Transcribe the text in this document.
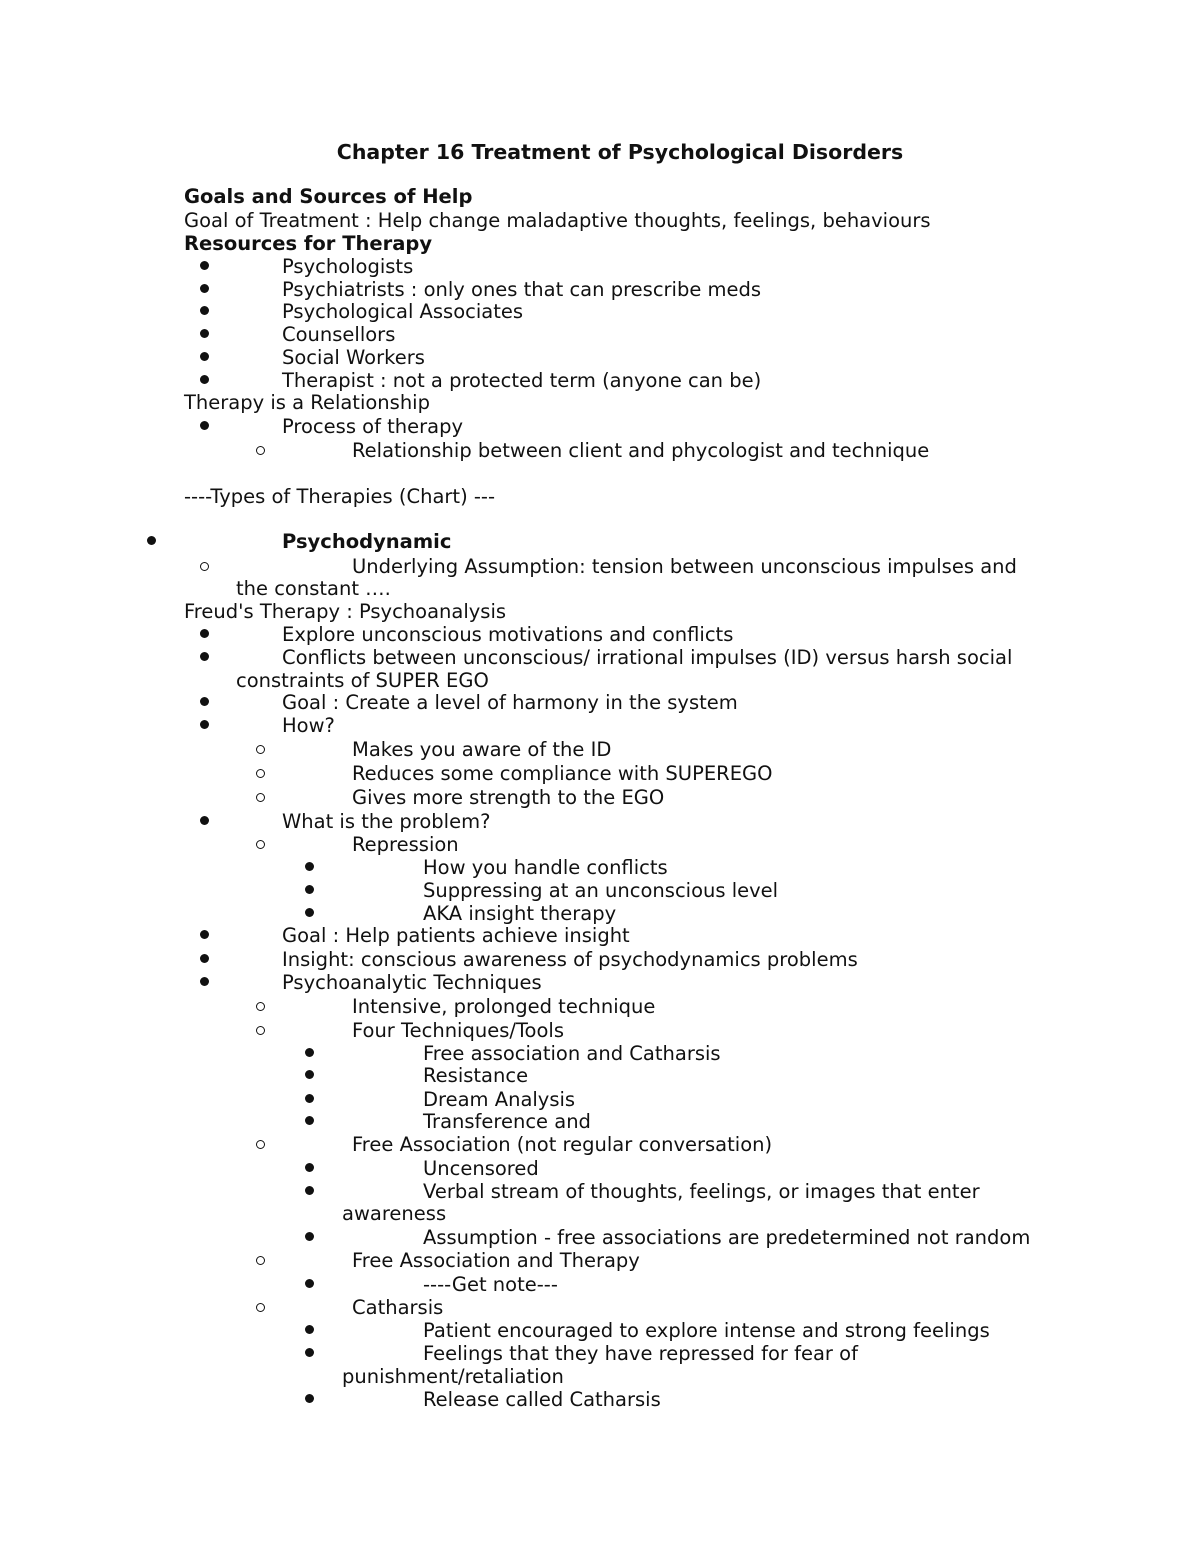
Chapter 16 Treatment of Psychological Disorders
Goals and Sources of Help
Goal of Treatment : Help change maladaptive thoughts, feelings, behaviours
Resources for Therapy
Psychologists
Psychiatrists : only ones that can prescribe meds
Psychological Associates
Counsellors
Social Workers
Therapist : not a protected term (anyone can be)
Therapy is a Relationship
Process of therapy
Relationship between client and phycologist and technique
----Types of Therapies (Chart) ---
Psychodynamic
Underlying Assumption: tension between unconscious impulses and
the constant ….
Freud's Therapy : Psychoanalysis
Explore unconscious motivations and conflicts
Conflicts between unconscious/ irrational impulses (ID) versus harsh social
constraints of SUPER EGO
Goal : Create a level of harmony in the system
How?
Makes you aware of the ID
Reduces some compliance with SUPEREGO
Gives more strength to the EGO
What is the problem?
Repression
How you handle conflicts
Suppressing at an unconscious level
AKA insight therapy
Goal : Help patients achieve insight
Insight: conscious awareness of psychodynamics problems
Psychoanalytic Techniques
Intensive, prolonged technique
Four Techniques/Tools
Free association and Catharsis
Resistance
Dream Analysis
Transference and
Free Association (not regular conversation)
Uncensored
Verbal stream of thoughts, feelings, or images that enter
awareness
Assumption - free associations are predetermined not random
Free Association and Therapy
----Get note---
Catharsis
Patient encouraged to explore intense and strong feelings
Feelings that they have repressed for fear of
punishment/retaliation
Release called Catharsis
